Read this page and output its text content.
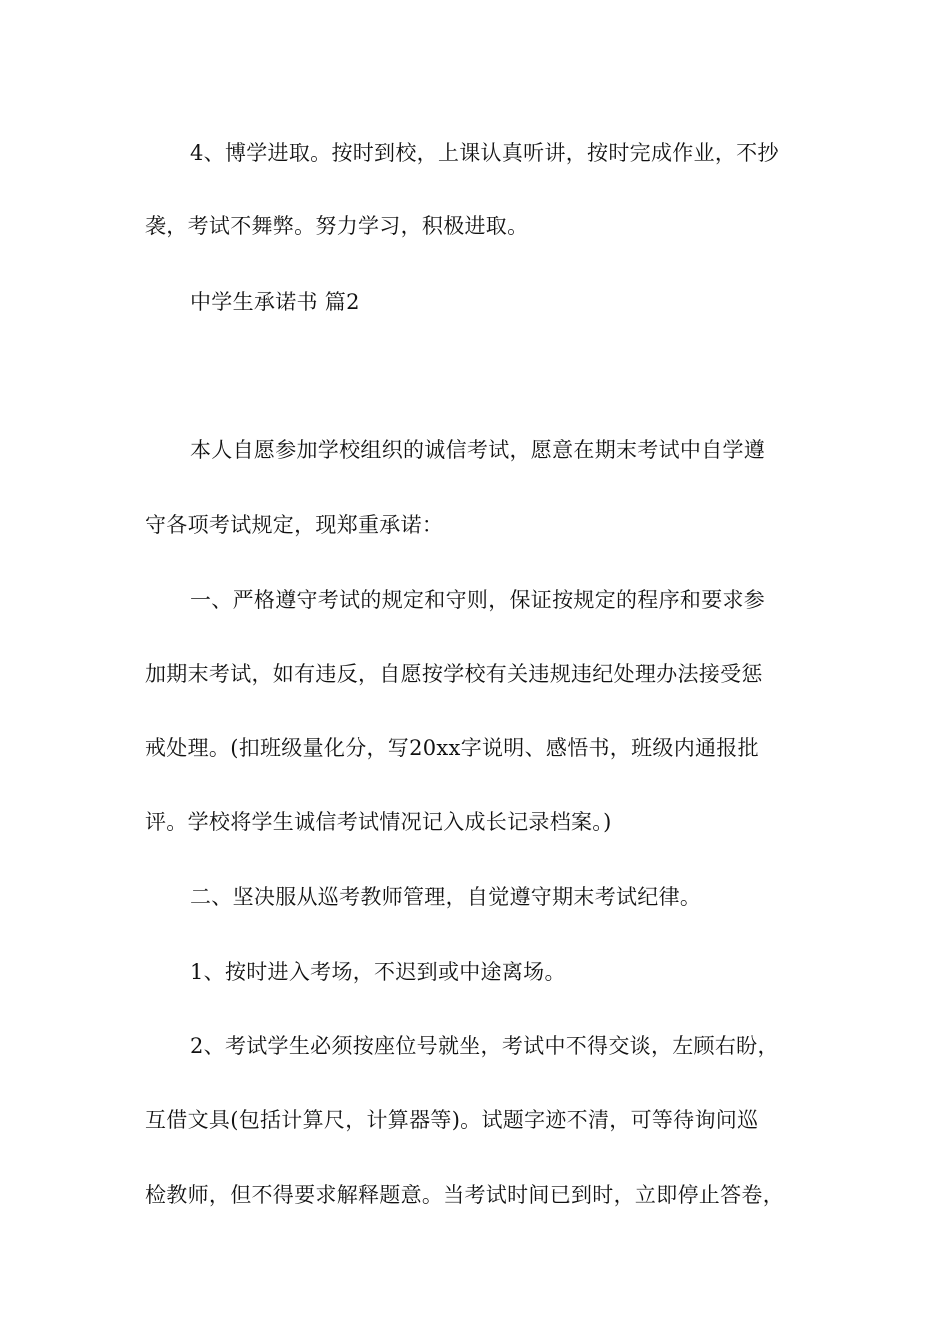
4、博学进取。按时到校，上课认真听讲，按时完成作业，不抄
袭，考试不舞弊。努力学习，积极进取。
中学生承诺书 篇2
本人自愿参加学校组织的诚信考试，愿意在期末考试中自学遵
守各项考试规定，现郑重承诺：
一、严格遵守考试的规定和守则，保证按规定的程序和要求参
加期末考试，如有违反，自愿按学校有关违规违纪处理办法接受惩
戒处理。(扣班级量化分，写20xx字说明、感悟书，班级内通报批
评。学校将学生诚信考试情况记入成长记录档案。)
二、坚决服从巡考教师管理，自觉遵守期末考试纪律。
1、按时进入考场，不迟到或中途离场。
2、考试学生必须按座位号就坐，考试中不得交谈，左顾右盼，
互借文具(包括计算尺，计算器等)。试题字迹不清，可等待询问巡
检教师，但不得要求解释题意。当考试时间已到时，立即停止答卷，
